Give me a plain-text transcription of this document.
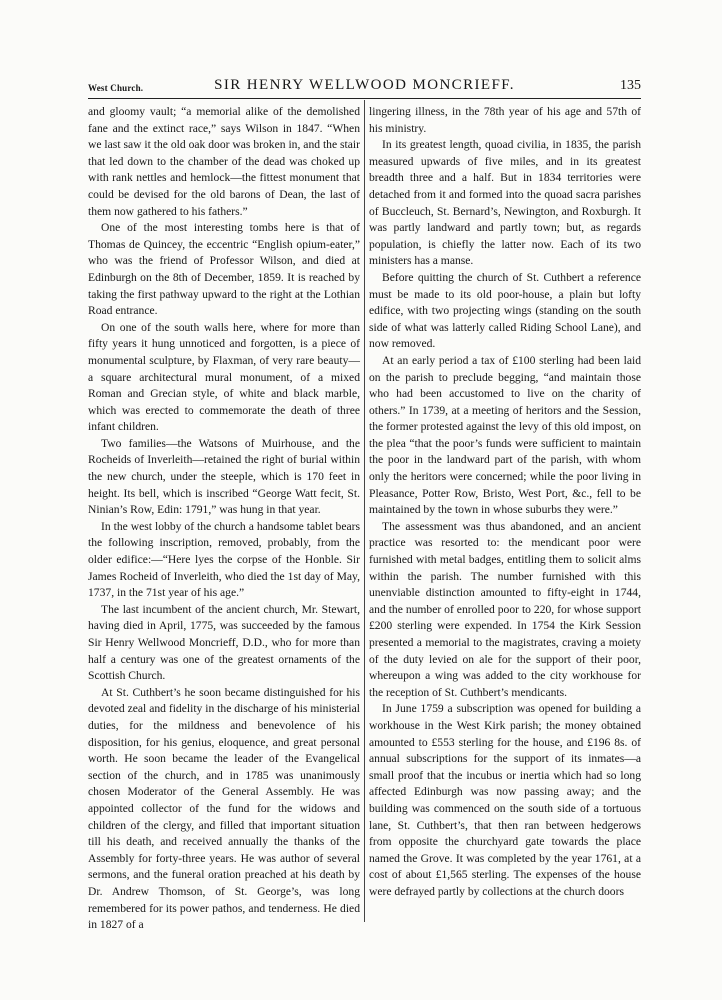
West Church.	SIR HENRY WELLWOOD MONCRIEFF.	135

and gloomy vault; “a memorial alike of the demolished fane and the extinct race,” says Wilson in 1847. “When we last saw it the old oak door was broken in, and the stair that led down to the chamber of the dead was choked up with rank nettles and hemlock—the fittest monument that could be devised for the old barons of Dean, the last of them now gathered to his fathers.”

One of the most interesting tombs here is that of Thomas de Quincey, the eccentric “English opium-eater,” who was the friend of Professor Wilson, and died at Edinburgh on the 8th of December, 1859. It is reached by taking the first pathway upward to the right at the Lothian Road entrance.

On one of the south walls here, where for more than fifty years it hung unnoticed and forgotten, is a piece of monumental sculpture, by Flaxman, of very rare beauty—a square architectural mural monument, of a mixed Roman and Grecian style, of white and black marble, which was erected to commemorate the death of three infant children.

Two families—the Watsons of Muirhouse, and the Rocheids of Inverleith—retained the right of burial within the new church, under the steeple, which is 170 feet in height. Its bell, which is inscribed “George Watt fecit, St. Ninian’s Row, Edin: 1791,” was hung in that year.

In the west lobby of the church a handsome tablet bears the following inscription, removed, probably, from the older edifice:—“Here lyes the corpse of the Honble. Sir James Rocheid of Inverleith, who died the 1st day of May, 1737, in the 71st year of his age.”

The last incumbent of the ancient church, Mr. Stewart, having died in April, 1775, was succeeded by the famous Sir Henry Wellwood Moncrieff, D.D., who for more than half a century was one of the greatest ornaments of the Scottish Church.

At St. Cuthbert’s he soon became distinguished for his devoted zeal and fidelity in the discharge of his ministerial duties, for the mildness and benevolence of his disposition, for his genius, eloquence, and great personal worth. He soon became the leader of the Evangelical section of the church, and in 1785 was unanimously chosen Moderator of the General Assembly. He was appointed collector of the fund for the widows and children of the clergy, and filled that important situation till his death, and received annually the thanks of the Assembly for forty-three years. He was author of several sermons, and the funeral oration preached at his death by Dr. Andrew Thomson, of St. George’s, was long remembered for its power pathos, and tenderness. He died in 1827 of a

lingering illness, in the 78th year of his age and 57th of his ministry.

In its greatest length, quoad civilia, in 1835, the parish measured upwards of five miles, and in its greatest breadth three and a half. But in 1834 territories were detached from it and formed into the quoad sacra parishes of Buccleuch, St. Bernard’s, Newington, and Roxburgh. It was partly landward and partly town; but, as regards population, is chiefly the latter now. Each of its two ministers has a manse.

Before quitting the church of St. Cuthbert a reference must be made to its old poor-house, a plain but lofty edifice, with two projecting wings (standing on the south side of what was latterly called Riding School Lane), and now removed.

At an early period a tax of £100 sterling had been laid on the parish to preclude begging, “and maintain those who had been accustomed to live on the charity of others.” In 1739, at a meeting of heritors and the Session, the former protested against the levy of this old impost, on the plea “that the poor’s funds were sufficient to maintain the poor in the landward part of the parish, with whom only the heritors were concerned; while the poor living in Pleasance, Potter Row, Bristo, West Port, &c., fell to be maintained by the town in whose suburbs they were.”

The assessment was thus abandoned, and an ancient practice was resorted to: the mendicant poor were furnished with metal badges, entitling them to solicit alms within the parish. The number furnished with this unenviable distinction amounted to fifty-eight in 1744, and the number of enrolled poor to 220, for whose support £200 sterling were expended. In 1754 the Kirk Session presented a memorial to the magistrates, craving a moiety of the duty levied on ale for the support of their poor, whereupon a wing was added to the city workhouse for the reception of St. Cuthbert’s mendicants.

In June 1759 a subscription was opened for building a workhouse in the West Kirk parish; the money obtained amounted to £553 sterling for the house, and £196 8s. of annual subscriptions for the support of its inmates—a small proof that the incubus or inertia which had so long affected Edinburgh was now passing away; and the building was commenced on the south side of a tortuous lane, St. Cuthbert’s, that then ran between hedgerows from opposite the churchyard gate towards the place named the Grove. It was completed by the year 1761, at a cost of about £1,565 sterling. The expenses of the house were defrayed partly by collections at the church doors
